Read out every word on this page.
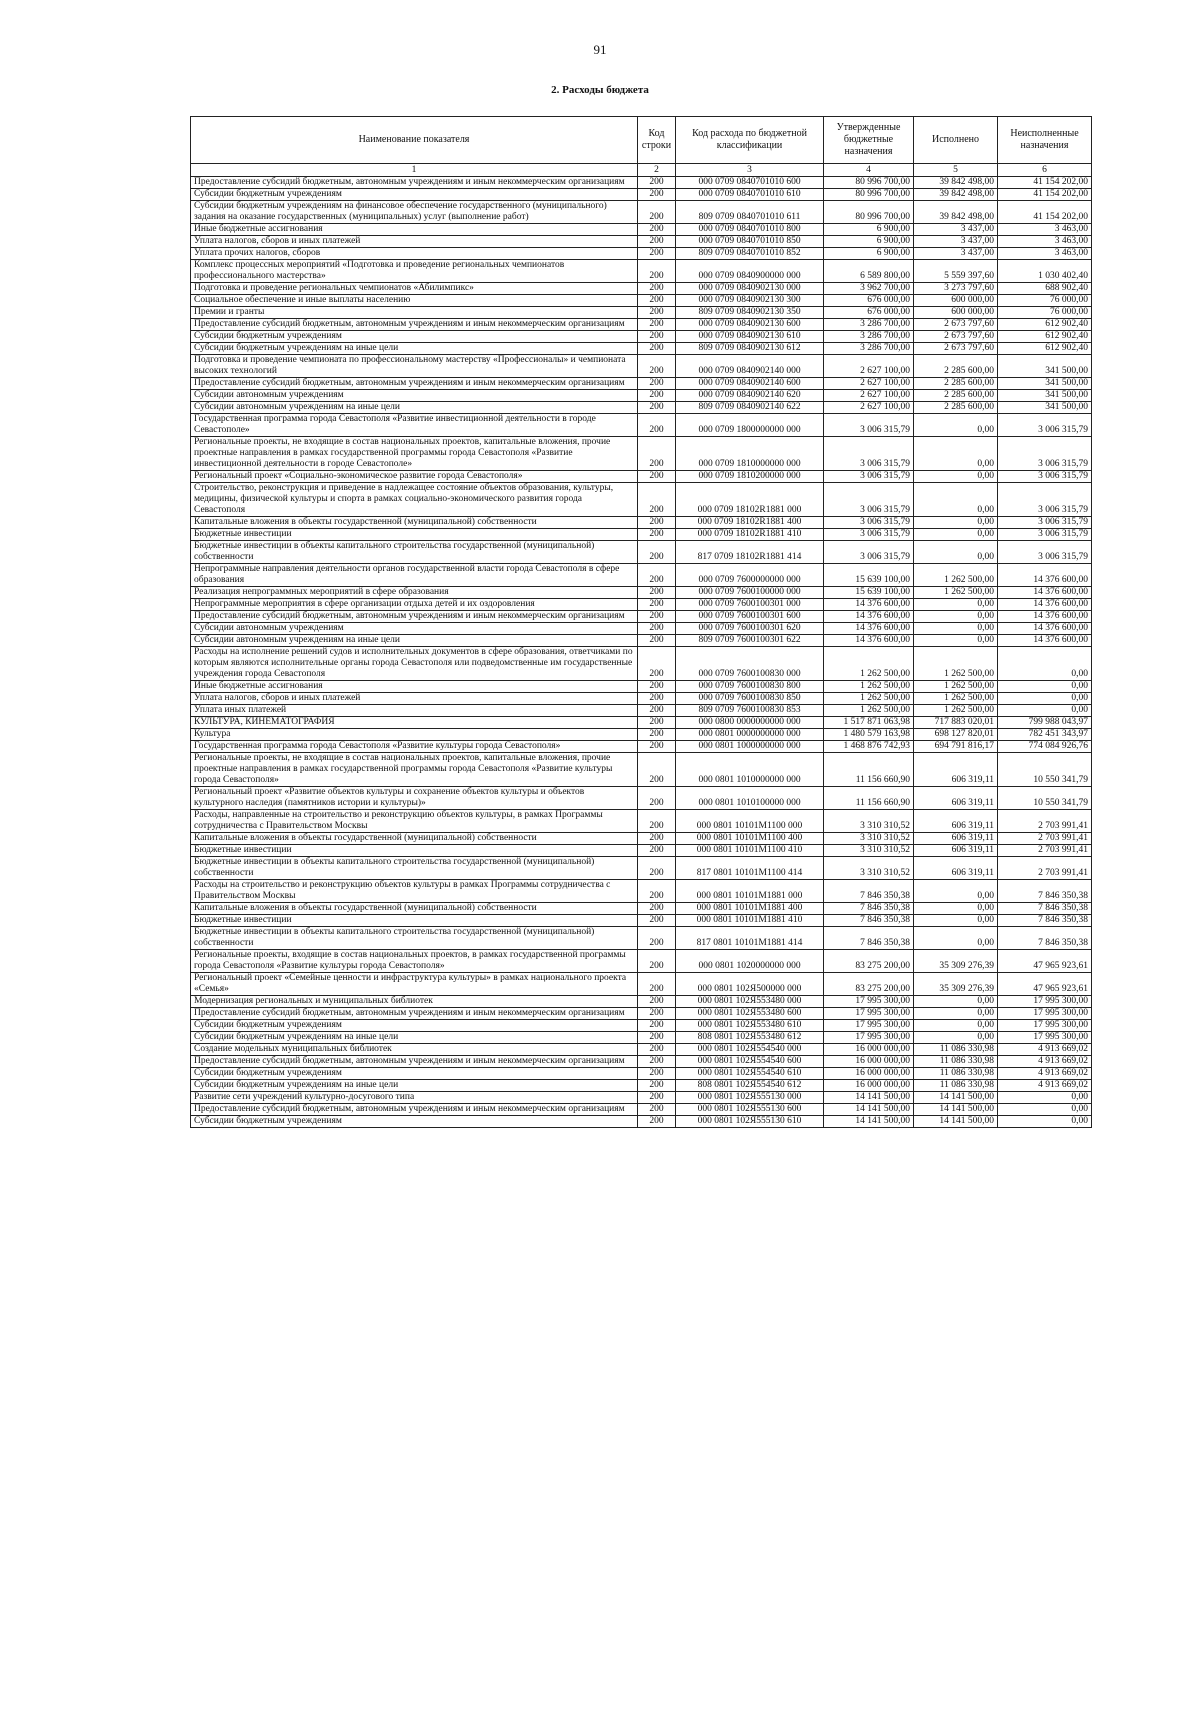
91
2. Расходы бюджета
Наименование показателя	Код строки	Код расхода по бюджетной классификации	Утвержденные бюджетные назначения	Исполнено	Неисполненные назначения
1	2	3	4	5	6
Предоставление субсидий бюджетным, автономным учреждениям и иным некоммерческим организациям	200	000 0709 0840701010 600	80 996 700,00	39 842 498,00	41 154 202,00
Субсидии бюджетным учреждениям	200	000 0709 0840701010 610	80 996 700,00	39 842 498,00	41 154 202,00
Субсидии бюджетным учреждениям на финансовое обеспечение государственного (муниципального) задания на оказание государственных (муниципальных) услуг (выполнение работ)	200	809 0709 0840701010 611	80 996 700,00	39 842 498,00	41 154 202,00
Иные бюджетные ассигнования	200	000 0709 0840701010 800	6 900,00	3 437,00	3 463,00
Уплата налогов, сборов и иных платежей	200	000 0709 0840701010 850	6 900,00	3 437,00	3 463,00
Уплата прочих налогов, сборов	200	809 0709 0840701010 852	6 900,00	3 437,00	3 463,00
Комплекс процессных мероприятий «Подготовка и проведение региональных чемпионатов профессионального мастерства»	200	000 0709 0840900000 000	6 589 800,00	5 559 397,60	1 030 402,40
Подготовка и проведение региональных чемпионатов «Абилимпикс»	200	000 0709 0840902130 000	3 962 700,00	3 273 797,60	688 902,40
Социальное обеспечение и иные выплаты населению	200	000 0709 0840902130 300	676 000,00	600 000,00	76 000,00
Премии и гранты	200	809 0709 0840902130 350	676 000,00	600 000,00	76 000,00
Предоставление субсидий бюджетным, автономным учреждениям и иным некоммерческим организациям	200	000 0709 0840902130 600	3 286 700,00	2 673 797,60	612 902,40
Субсидии бюджетным учреждениям	200	000 0709 0840902130 610	3 286 700,00	2 673 797,60	612 902,40
Субсидии бюджетным учреждениям на иные цели	200	809 0709 0840902130 612	3 286 700,00	2 673 797,60	612 902,40
Подготовка и проведение чемпионата по профессиональному мастерству «Профессионалы» и чемпионата высоких технологий	200	000 0709 0840902140 000	2 627 100,00	2 285 600,00	341 500,00
Предоставление субсидий бюджетным, автономным учреждениям и иным некоммерческим организациям	200	000 0709 0840902140 600	2 627 100,00	2 285 600,00	341 500,00
Субсидии автономным учреждениям	200	000 0709 0840902140 620	2 627 100,00	2 285 600,00	341 500,00
Субсидии автономным учреждениям на иные цели	200	809 0709 0840902140 622	2 627 100,00	2 285 600,00	341 500,00
Государственная программа города Севастополя «Развитие инвестиционной деятельности в городе Севастополе»	200	000 0709 1800000000 000	3 006 315,79	0,00	3 006 315,79
Региональные проекты, не входящие в состав национальных проектов, капитальные вложения, прочие проектные направления в рамках государственной программы города Севастополя «Развитие инвестиционной деятельности в городе Севастополе»	200	000 0709 1810000000 000	3 006 315,79	0,00	3 006 315,79
Региональный проект «Социально-экономическое развитие города Севастополя»	200	000 0709 1810200000 000	3 006 315,79	0,00	3 006 315,79
Строительство, реконструкция и приведение в надлежащее состояние объектов образования, культуры, медицины, физической культуры и спорта в рамках социально-экономического развития города Севастополя	200	000 0709 18102R1881 000	3 006 315,79	0,00	3 006 315,79
Капитальные вложения в объекты государственной (муниципальной) собственности	200	000 0709 18102R1881 400	3 006 315,79	0,00	3 006 315,79
Бюджетные инвестиции	200	000 0709 18102R1881 410	3 006 315,79	0,00	3 006 315,79
Бюджетные инвестиции в объекты капитального строительства государственной (муниципальной) собственности	200	817 0709 18102R1881 414	3 006 315,79	0,00	3 006 315,79
Непрограммные направления деятельности органов государственной власти города Севастополя в сфере образования	200	000 0709 7600000000 000	15 639 100,00	1 262 500,00	14 376 600,00
Реализация непрограммных мероприятий в сфере образования	200	000 0709 7600100000 000	15 639 100,00	1 262 500,00	14 376 600,00
Непрограммные мероприятия в сфере организации отдыха детей и их оздоровления	200	000 0709 7600100301 000	14 376 600,00	0,00	14 376 600,00
Предоставление субсидий бюджетным, автономным учреждениям и иным некоммерческим организациям	200	000 0709 7600100301 600	14 376 600,00	0,00	14 376 600,00
Субсидии автономным учреждениям	200	000 0709 7600100301 620	14 376 600,00	0,00	14 376 600,00
Субсидии автономным учреждениям на иные цели	200	809 0709 7600100301 622	14 376 600,00	0,00	14 376 600,00
Расходы на исполнение решений судов и исполнительных документов в сфере образования, ответчиками по которым являются исполнительные органы города Севастополя или подведомственные им государственные учреждения города Севастополя	200	000 0709 7600100830 000	1 262 500,00	1 262 500,00	0,00
Иные бюджетные ассигнования	200	000 0709 7600100830 800	1 262 500,00	1 262 500,00	0,00
Уплата налогов, сборов и иных платежей	200	000 0709 7600100830 850	1 262 500,00	1 262 500,00	0,00
Уплата иных платежей	200	809 0709 7600100830 853	1 262 500,00	1 262 500,00	0,00
КУЛЬТУРА, КИНЕМАТОГРАФИЯ	200	000 0800 0000000000 000	1 517 871 063,98	717 883 020,01	799 988 043,97
Культура	200	000 0801 0000000000 000	1 480 579 163,98	698 127 820,01	782 451 343,97
Государственная программа города Севастополя «Развитие культуры города Севастополя»	200	000 0801 1000000000 000	1 468 876 742,93	694 791 816,17	774 084 926,76
Региональные проекты, не входящие в состав национальных проектов, капитальные вложения, прочие проектные направления в рамках государственной программы города Севастополя «Развитие культуры города Севастополя»	200	000 0801 1010000000 000	11 156 660,90	606 319,11	10 550 341,79
Региональный проект «Развитие объектов культуры и сохранение объектов культуры и объектов культурного наследия (памятников истории и культуры)»	200	000 0801 1010100000 000	11 156 660,90	606 319,11	10 550 341,79
Расходы, направленные на строительство и реконструкцию объектов культуры, в рамках Программы сотрудничества с Правительством Москвы	200	000 0801 10101M1100 000	3 310 310,52	606 319,11	2 703 991,41
Капитальные вложения в объекты государственной (муниципальной) собственности	200	000 0801 10101M1100 400	3 310 310,52	606 319,11	2 703 991,41
Бюджетные инвестиции	200	000 0801 10101M1100 410	3 310 310,52	606 319,11	2 703 991,41
Бюджетные инвестиции в объекты капитального строительства государственной (муниципальной) собственности	200	817 0801 10101M1100 414	3 310 310,52	606 319,11	2 703 991,41
Расходы на строительство и реконструкцию объектов культуры в рамках Программы сотрудничества с Правительством Москвы	200	000 0801 10101M1881 000	7 846 350,38	0,00	7 846 350,38
Капитальные вложения в объекты государственной (муниципальной) собственности	200	000 0801 10101M1881 400	7 846 350,38	0,00	7 846 350,38
Бюджетные инвестиции	200	000 0801 10101M1881 410	7 846 350,38	0,00	7 846 350,38
Бюджетные инвестиции в объекты капитального строительства государственной (муниципальной) собственности	200	817 0801 10101M1881 414	7 846 350,38	0,00	7 846 350,38
Региональные проекты, входящие в состав национальных проектов, в рамках государственной программы города Севастополя «Развитие культуры города Севастополя»	200	000 0801 1020000000 000	83 275 200,00	35 309 276,39	47 965 923,61
Региональный проект «Семейные ценности и инфраструктура культуры» в рамках национального проекта «Семья»	200	000 0801 102Я500000 000	83 275 200,00	35 309 276,39	47 965 923,61
Модернизация региональных и муниципальных библиотек	200	000 0801 102Я553480 000	17 995 300,00	0,00	17 995 300,00
Предоставление субсидий бюджетным, автономным учреждениям и иным некоммерческим организациям	200	000 0801 102Я553480 600	17 995 300,00	0,00	17 995 300,00
Субсидии бюджетным учреждениям	200	000 0801 102Я553480 610	17 995 300,00	0,00	17 995 300,00
Субсидии бюджетным учреждениям на иные цели	200	808 0801 102Я553480 612	17 995 300,00	0,00	17 995 300,00
Создание модельных муниципальных библиотек	200	000 0801 102Я554540 000	16 000 000,00	11 086 330,98	4 913 669,02
Предоставление субсидий бюджетным, автономным учреждениям и иным некоммерческим организациям	200	000 0801 102Я554540 600	16 000 000,00	11 086 330,98	4 913 669,02
Субсидии бюджетным учреждениям	200	000 0801 102Я554540 610	16 000 000,00	11 086 330,98	4 913 669,02
Субсидии бюджетным учреждениям на иные цели	200	808 0801 102Я554540 612	16 000 000,00	11 086 330,98	4 913 669,02
Развитие сети учреждений культурно-досугового типа	200	000 0801 102Я555130 000	14 141 500,00	14 141 500,00	0,00
Предоставление субсидий бюджетным, автономным учреждениям и иным некоммерческим организациям	200	000 0801 102Я555130 600	14 141 500,00	14 141 500,00	0,00
Субсидии бюджетным учреждениям	200	000 0801 102Я555130 610	14 141 500,00	14 141 500,00	0,00
